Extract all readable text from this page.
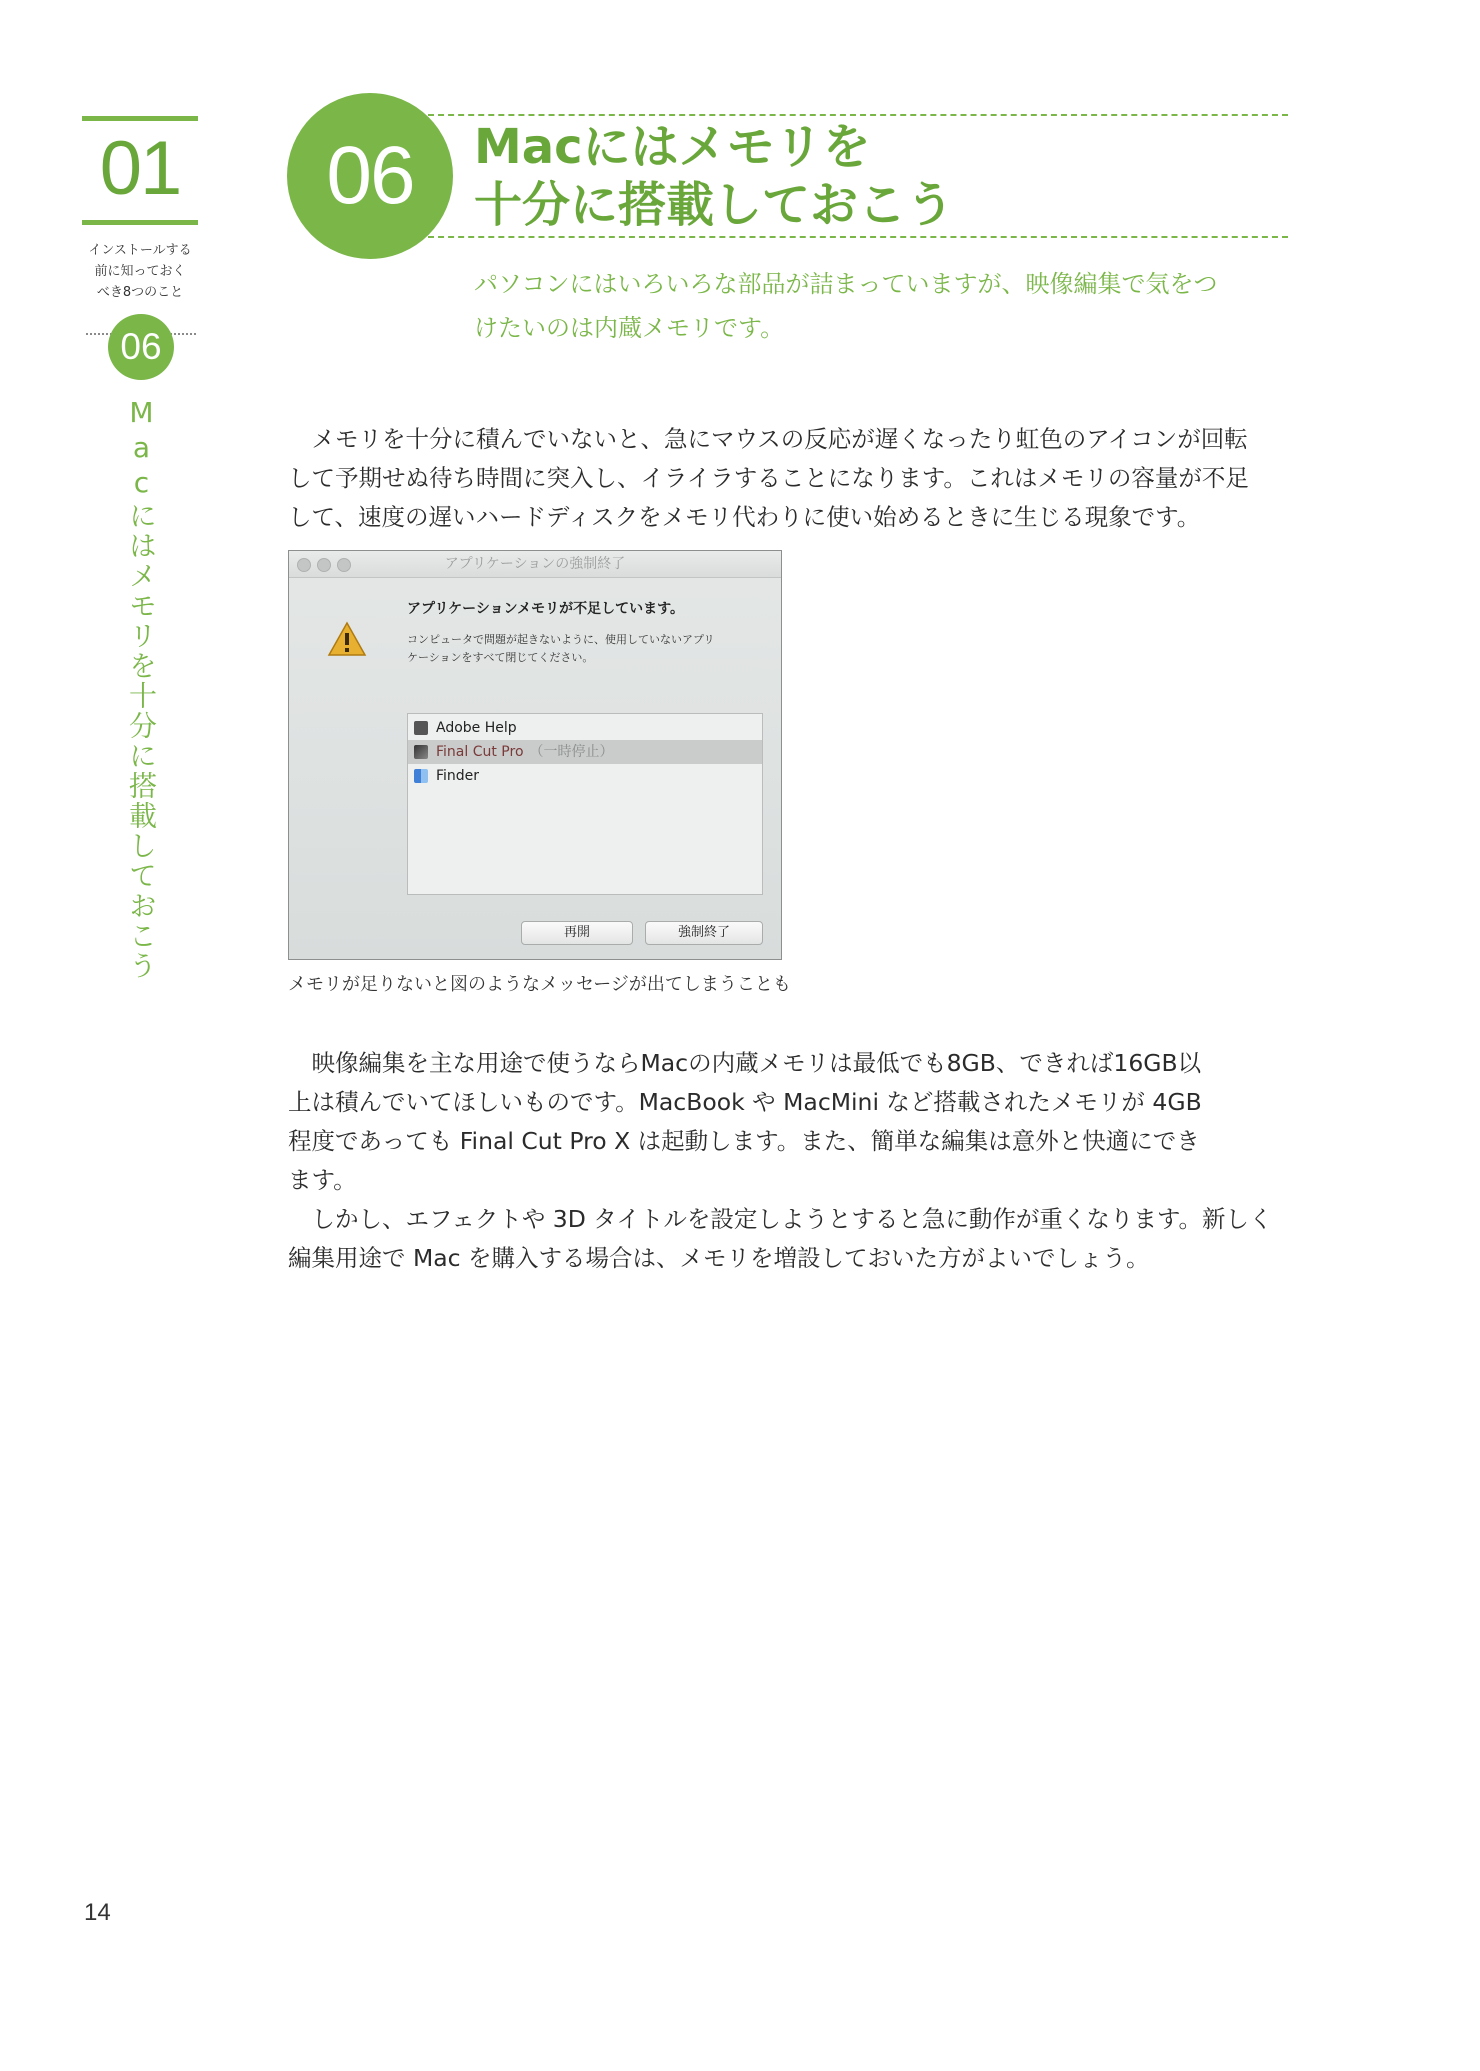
01
インストールする
前に知っておく
べき8つのこと
06
Macにはメモリを十分に搭載しておこう
06	Macにはメモリを
十分に搭載しておこう
パソコンにはいろいろな部品が詰まっていますが、映像編集で気をつ
けたいのは内蔵メモリです。
　メモリを十分に積んでいないと、急にマウスの反応が遅くなったり虹色のアイコンが回転
して予期せぬ待ち時間に突入し、イライラすることになります。これはメモリの容量が不足
して、速度の遅いハードディスクをメモリ代わりに使い始めるときに生じる現象です。
アプリケーションの強制終了
アプリケーションメモリが不足しています。
コンピュータで問題が起きないように、使用していないアプリ
ケーションをすべて閉じてください。
Adobe Help
Final Cut Pro （一時停止）
Finder
再開	強制終了
メモリが足りないと図のようなメッセージが出てしまうことも
　映像編集を主な用途で使うならMacの内蔵メモリは最低でも8GB、できれば16GB以
上は積んでいてほしいものです。MacBook や MacMini など搭載されたメモリが 4GB
程度であっても Final Cut Pro X は起動します。また、簡単な編集は意外と快適にでき
ます。
　しかし、エフェクトや 3D タイトルを設定しようとすると急に動作が重くなります。新しく
編集用途で Mac を購入する場合は、メモリを増設しておいた方がよいでしょう。
14
